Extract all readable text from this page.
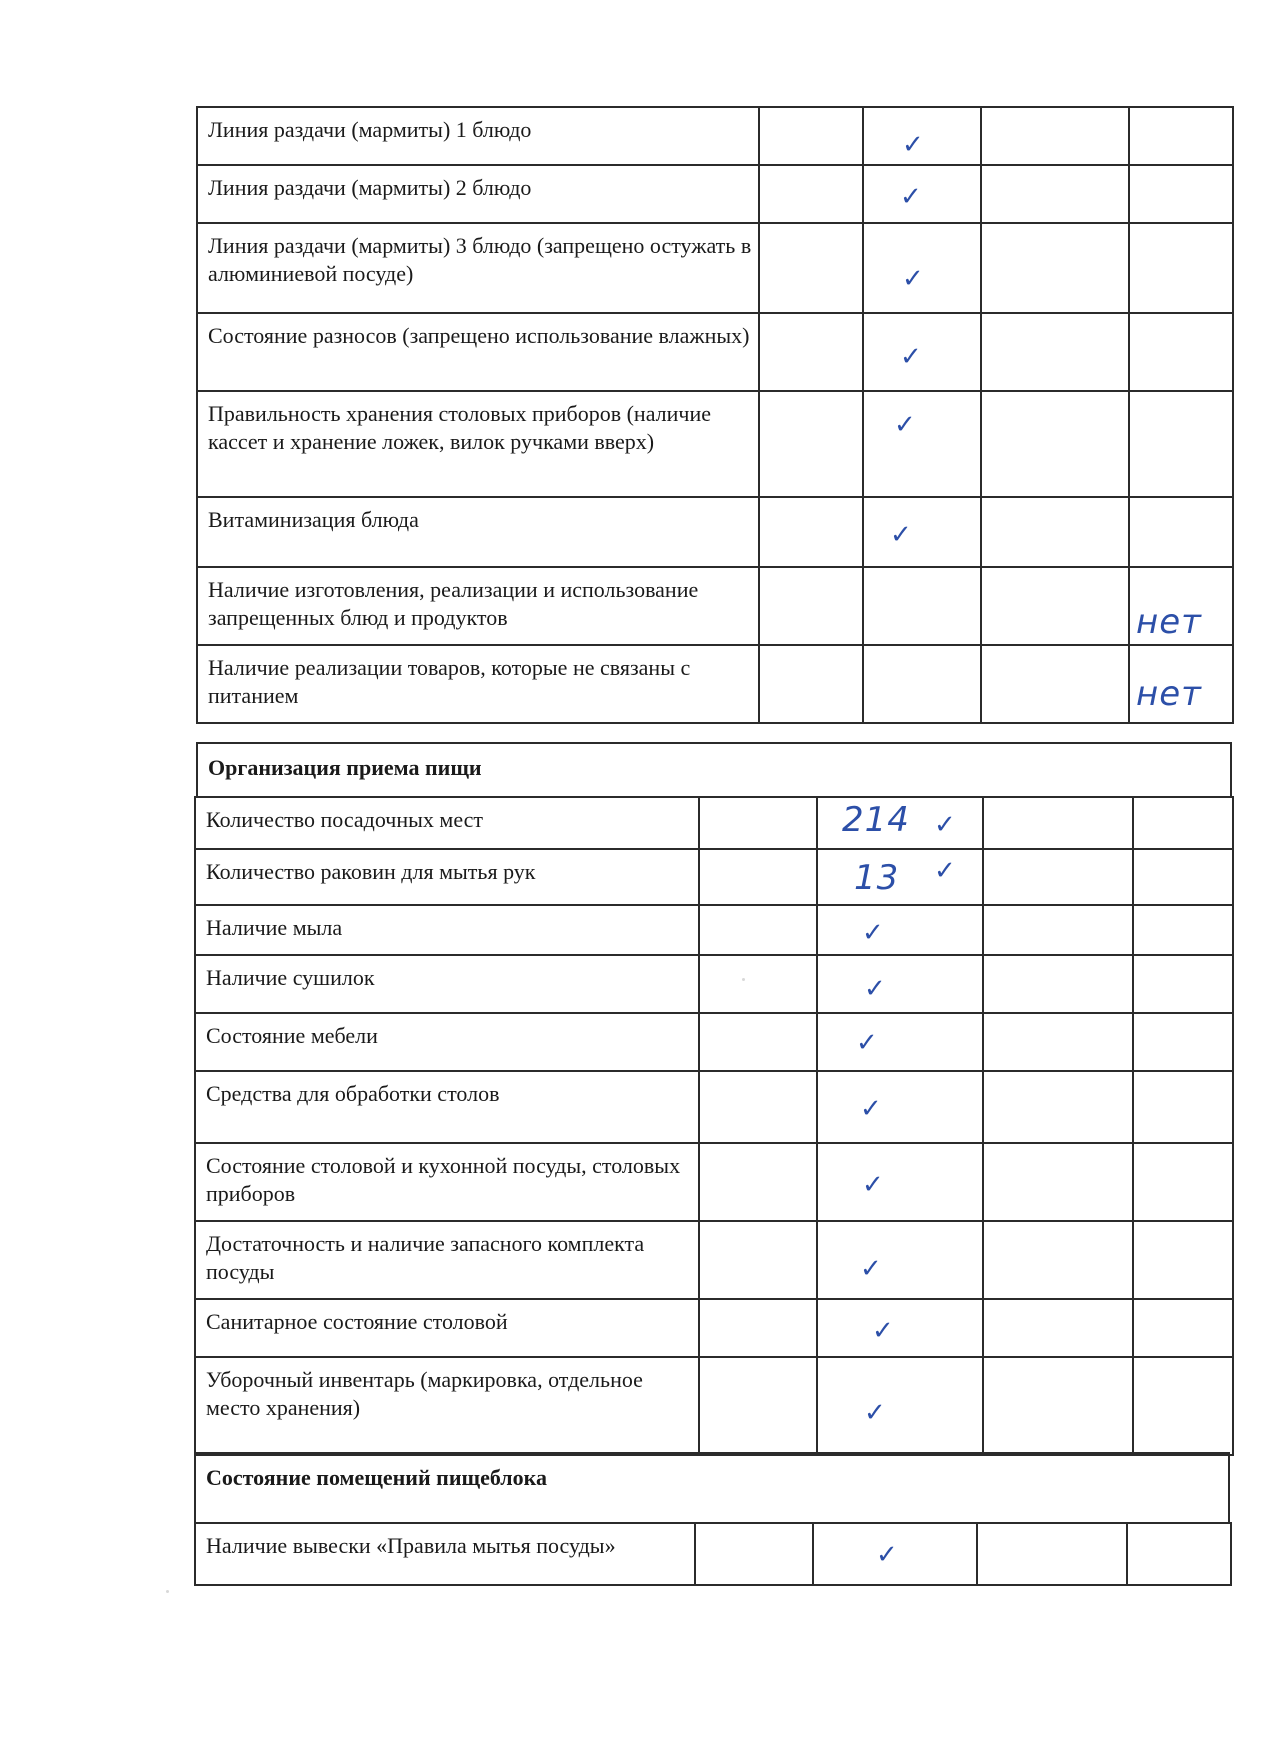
Линия раздачи (мармиты) 1 блюдо		✓		

Линия раздачи (мармиты) 2 блюдо		✓		

Линия раздачи (мармиты) 3 блюдо (запрещено остужать в алюминиевой посуде)		✓		

Состояние разносов (запрещено использование влажных)		✓		

Правильность хранения столовых приборов (наличие кассет и хранение ложек, вилок ручками вверх)		✓		

Витаминизация блюда		✓		

Наличие изготовления, реализации и использование запрещенных блюд и продуктов				нет

Наличие реализации товаров, которые не связаны с питанием				нет
Организация приема пищи
Количество посадочных мест		214 ✓		

Количество раковин для мытья рук		13 ✓		

Наличие мыла		✓		

Наличие сушилок		✓		

Состояние мебели		✓		

Средства для обработки столов		✓		

Состояние столовой и кухонной посуды, столовых приборов		✓		

Достаточность и наличие запасного комплекта посуды		✓		

Санитарное состояние столовой		✓		

Уборочный инвентарь (маркировка, отдельное место хранения)		✓		

Состояние помещений пищеблока
Наличие вывески «Правила мытья посуды»		✓
